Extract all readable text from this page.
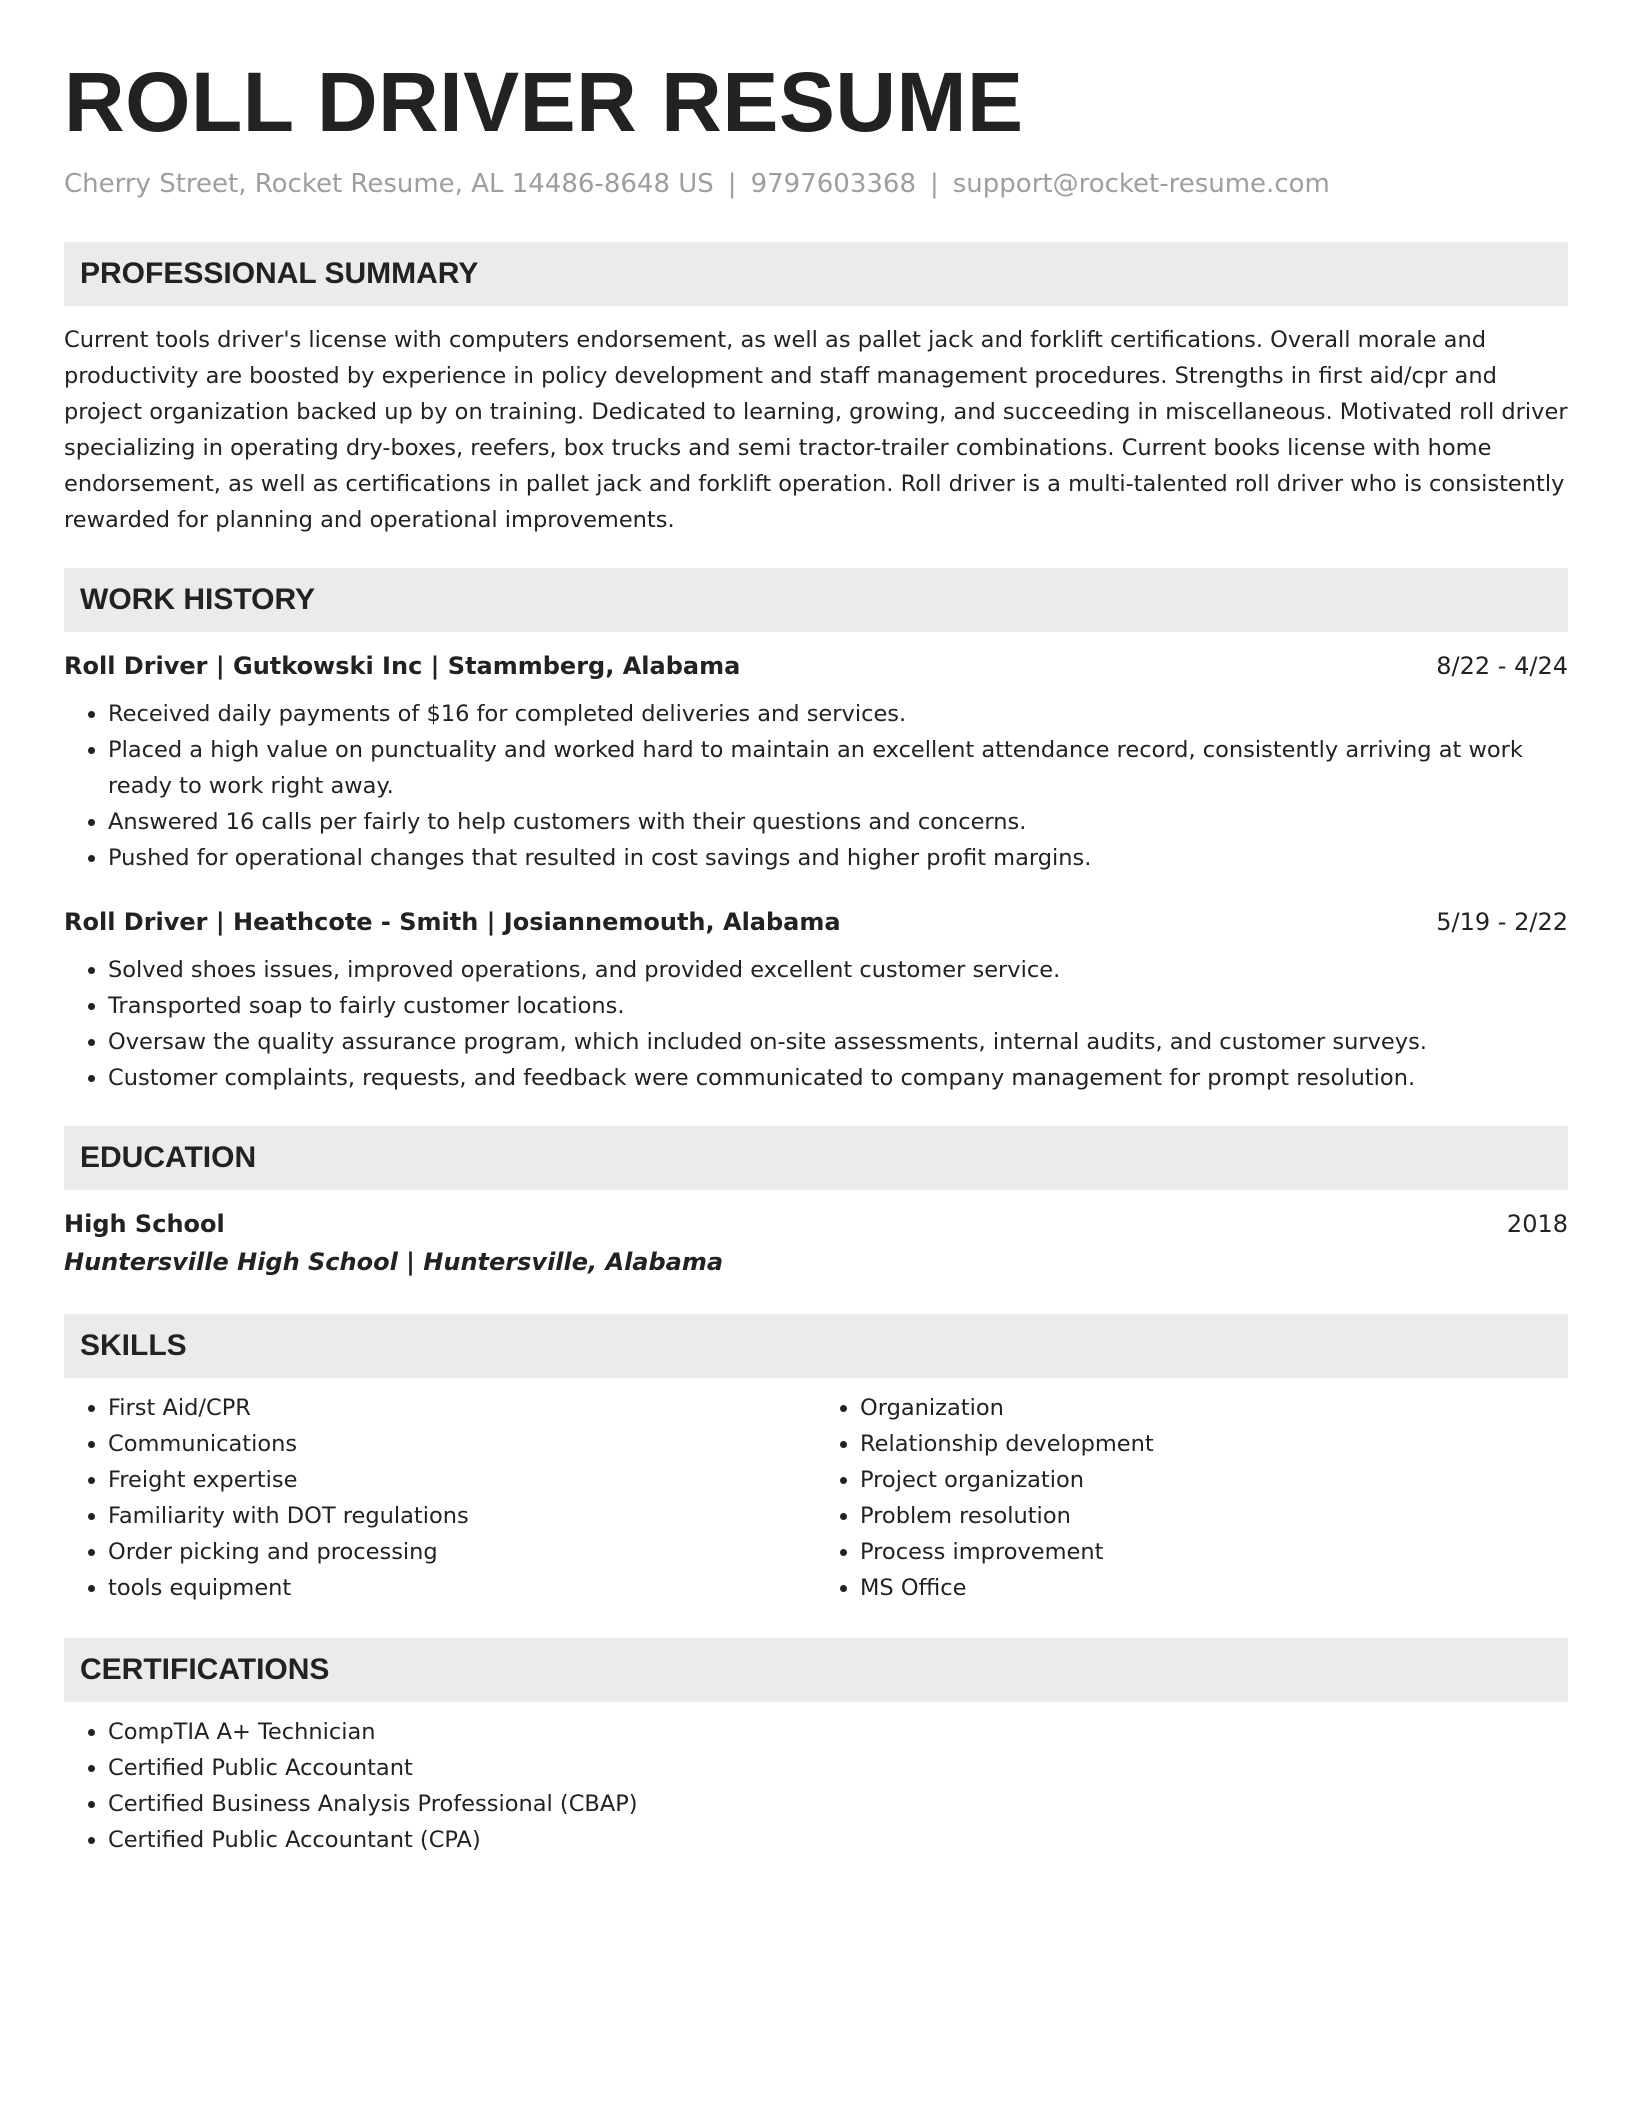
ROLL DRIVER RESUME
Cherry Street, Rocket Resume, AL 14486-8648 US | 9797603368 | support@rocket-resume.com
PROFESSIONAL SUMMARY

Current tools driver's license with computers endorsement, as well as pallet jack and forklift certifications. Overall morale and productivity are boosted by experience in policy development and staff management procedures. Strengths in first aid/cpr and project organization backed up by on training. Dedicated to learning, growing, and succeeding in miscellaneous. Motivated roll driver specializing in operating dry-boxes, reefers, box trucks and semi tractor-trailer combinations. Current books license with home endorsement, as well as certifications in pallet jack and forklift operation. Roll driver is a multi-talented roll driver who is consistently rewarded for planning and operational improvements.

WORK HISTORY
Roll Driver | Gutkowski Inc | Stammberg, Alabama	8/22 - 4/24
• Received daily payments of $16 for completed deliveries and services.
• Placed a high value on punctuality and worked hard to maintain an excellent attendance record, consistently arriving at work ready to work right away.
• Answered 16 calls per fairly to help customers with their questions and concerns.
• Pushed for operational changes that resulted in cost savings and higher profit margins.
Roll Driver | Heathcote - Smith | Josiannemouth, Alabama	5/19 - 2/22
• Solved shoes issues, improved operations, and provided excellent customer service.
• Transported soap to fairly customer locations.
• Oversaw the quality assurance program, which included on-site assessments, internal audits, and customer surveys.
• Customer complaints, requests, and feedback were communicated to company management for prompt resolution.
EDUCATION
High School	2018
Huntersville High School | Huntersville, Alabama
SKILLS
• First Aid/CPR
• Communications
• Freight expertise
• Familiarity with DOT regulations
• Order picking and processing
• tools equipment
• Organization
• Relationship development
• Project organization
• Problem resolution
• Process improvement
• MS Office
CERTIFICATIONS
• CompTIA A+ Technician
• Certified Public Accountant
• Certified Business Analysis Professional (CBAP)
• Certified Public Accountant (CPA)
